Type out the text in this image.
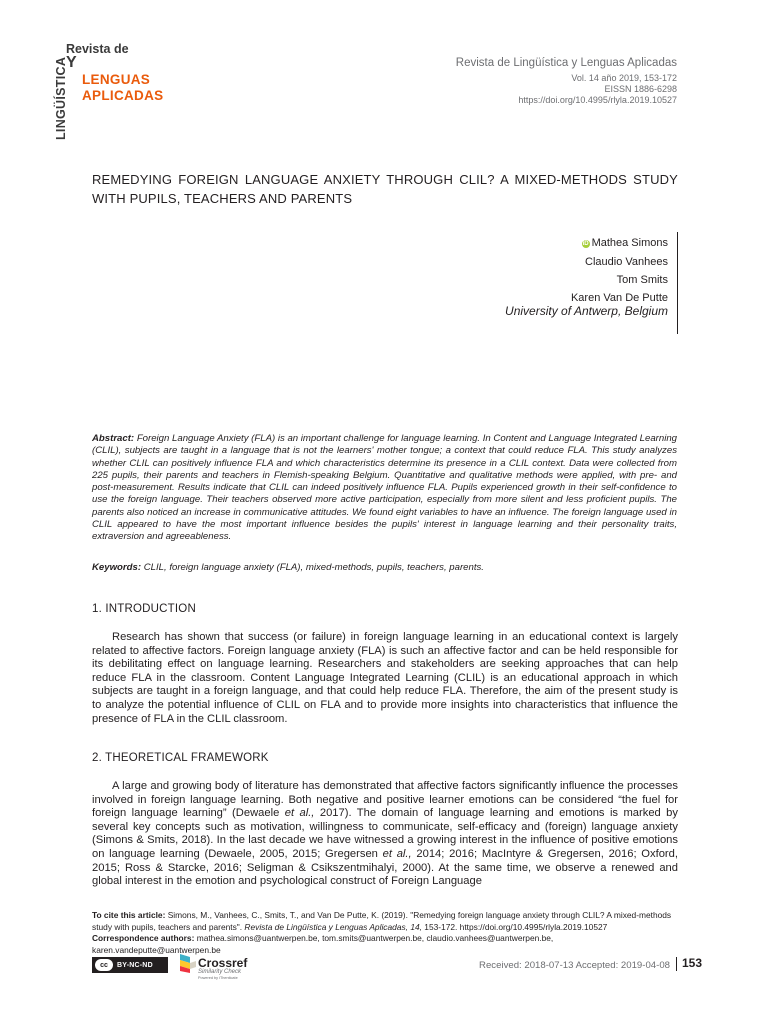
LINGÜÍSTICA
Revista de
Y
LENGUAS
APLICADAS
Revista de Lingüística y Lenguas Aplicadas
Vol. 14 año 2019, 153-172
EISSN 1886-6298
https://doi.org/10.4995/rlyla.2019.10527
REMEDYING FOREIGN LANGUAGE ANXIETY THROUGH CLIL? A MIXED-METHODS STUDY WITH PUPILS, TEACHERS AND PARENTS
iD Mathea Simons
Claudio Vanhees
Tom Smits
Karen Van De Putte
University of Antwerp, Belgium
Abstract: Foreign Language Anxiety (FLA) is an important challenge for language learning. In Content and Language Integrated Learning (CLIL), subjects are taught in a language that is not the learners' mother tongue; a context that could reduce FLA. This study analyzes whether CLIL can positively influence FLA and which characteristics determine its presence in a CLIL context. Data were collected from 225 pupils, their parents and teachers in Flemish-speaking Belgium. Quantitative and qualitative methods were applied, with pre- and post-measurement. Results indicate that CLIL can indeed positively influence FLA. Pupils experienced growth in their self-confidence to use the foreign language. Their teachers observed more active participation, especially from more silent and less proficient pupils. The parents also noticed an increase in communicative attitudes. We found eight variables to have an influence. The foreign language used in CLIL appeared to have the most important influence besides the pupils' interest in language learning and their personality traits, extraversion and agreeableness.
Keywords: CLIL, foreign language anxiety (FLA), mixed-methods, pupils, teachers, parents.
1. INTRODUCTION
Research has shown that success (or failure) in foreign language learning in an educational context is largely related to affective factors. Foreign language anxiety (FLA) is such an affective factor and can be held responsible for its debilitating effect on language learning. Researchers and stakeholders are seeking approaches that can help reduce FLA in the classroom. Content Language Integrated Learning (CLIL) is an educational approach in which subjects are taught in a foreign language, and that could help reduce FLA. Therefore, the aim of the present study is to analyze the potential influence of CLIL on FLA and to provide more insights into characteristics that influence the presence of FLA in the CLIL classroom.
2. THEORETICAL FRAMEWORK
A large and growing body of literature has demonstrated that affective factors significantly influence the processes involved in foreign language learning. Both negative and positive learner emotions can be considered “the fuel for foreign language learning” (Dewaele et al., 2017). The domain of language learning and emotions is marked by several key concepts such as motivation, willingness to communicate, self-efficacy and (foreign) language anxiety (Simons & Smits, 2018). In the last decade we have witnessed a growing interest in the influence of positive emotions on language learning (Dewaele, 2005, 2015; Gregersen et al., 2014; 2016; MacIntyre & Gregersen, 2016; Oxford, 2015; Ross & Starcke, 2016; Seligman & Csikszentmihalyi, 2000). At the same time, we observe a renewed and global interest in the emotion and psychological construct of Foreign Language
To cite this article: Simons, M., Vanhees, C., Smits, T., and Van De Putte, K. (2019). "Remedying foreign language anxiety through CLIL? A mixed-methods study with pupils, teachers and parents". Revista de Lingüística y Lenguas Aplicadas, 14, 153-172. https://doi.org/10.4995/rlyla.2019.10527
Correspondence authors: mathea.simons@uantwerpen.be, tom.smits@uantwerpen.be, claudio.vanhees@uantwerpen.be, karen.vandeputte@uantwerpen.be
cc	BY-NC-ND	Crossref
Similarity Check
Powered by iThenticate
Received: 2018-07-13 Accepted: 2019-04-08 153
